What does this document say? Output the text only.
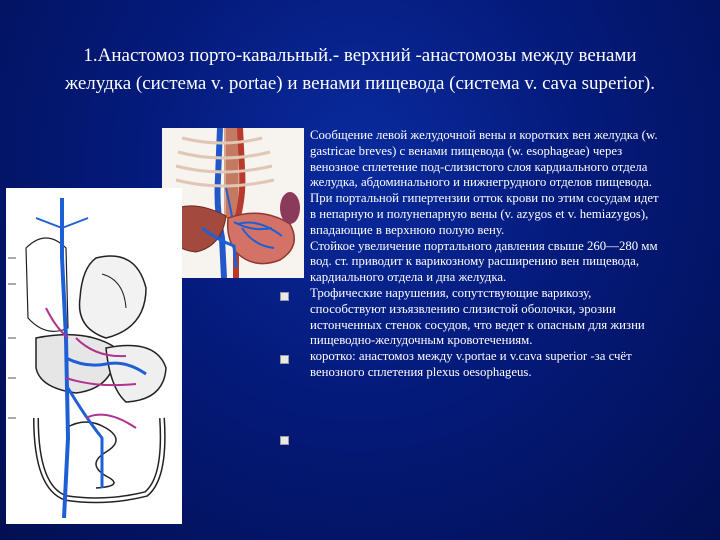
1.Анастомоз порто-кавальный.- верхний ‑анастомозы между венами
желудка (система v. portae) и венами пищевода (система v. cava superior).

Сообщение левой желудочной вены и коротких вен желудка (w. gastricae breves) с венами пищевода (w. esophageae) через венозное сплетение под-слизистого слоя кардиального отдела желудка, абдоминального и нижнегрудного отделов пищевода.

При портальной гипертензии отток крови по этим сосудам идет в непарную и полунепарную вены (v. azygos et v. hemiazygos), впадающие в верхнюю полую вену.

Стойкое увеличение портального давления свыше 260—280 мм вод. ст. приводит к варикозному расширению вен пищевода, кардиального отдела и дна желудка.

Трофические нарушения, сопутствующие варикозу, способствуют изъязвлению слизистой оболочки, эрозии истонченных стенок сосудов, что ведет к опасным для жизни пищеводно-желудочным кровотечениям.

коротко: анастомоз между v.portae и v.cava superior -за счёт венозного сплетения plexus oesophageus.
